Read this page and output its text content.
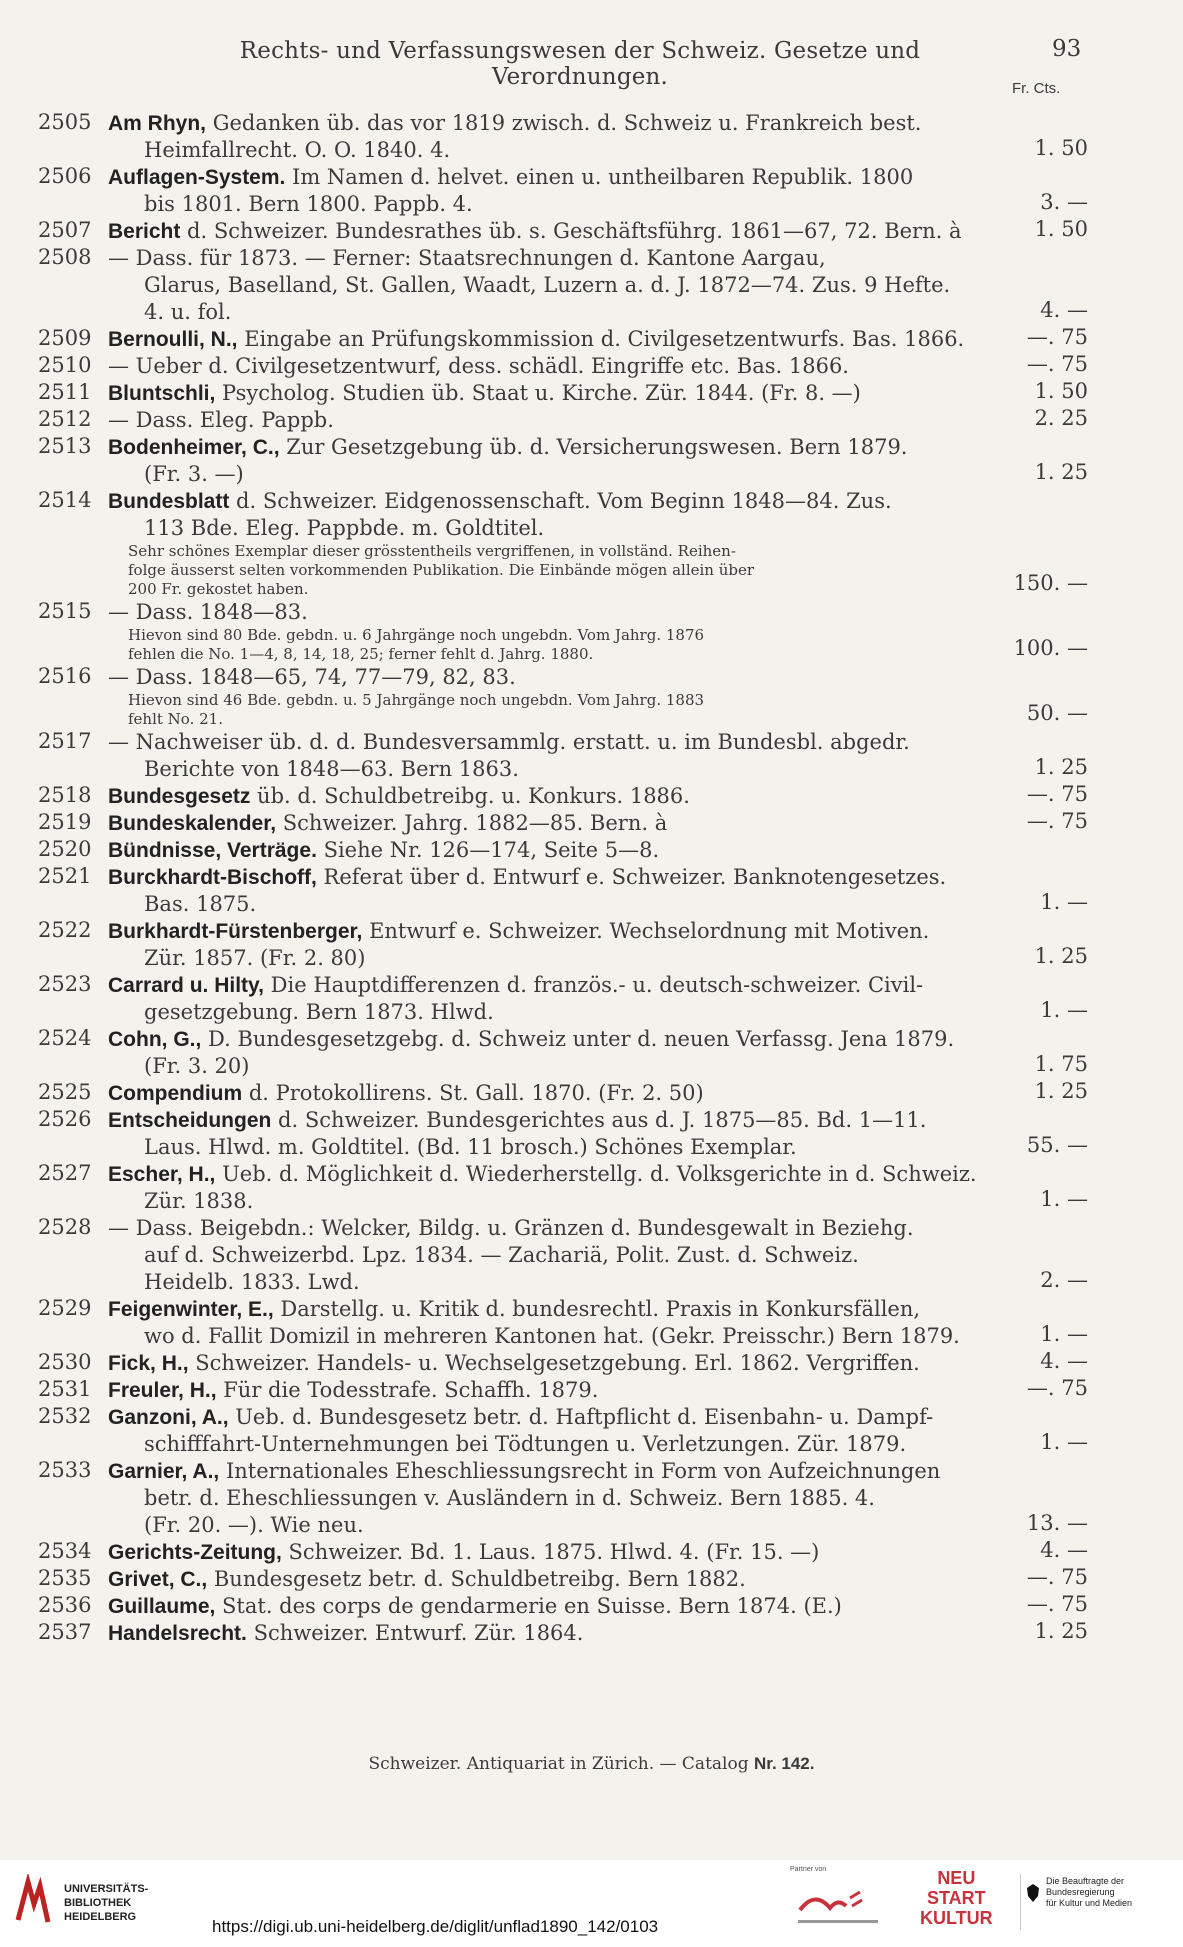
Rechts- und Verfassungswesen der Schweiz. Gesetze und Verordnungen.
93
Fr. Cts.
2505 Am Rhyn, Gedanken üb. das vor 1819 zwisch. d. Schweiz u. Frankreich best.
Heimfallrecht. O. O. 1840. 4.	1. 50
2506 Auflagen-System. Im Namen d. helvet. einen u. untheilbaren Republik. 1800
bis 1801. Bern 1800. Pappb. 4.	3. —
2507 Bericht d. Schweizer. Bundesrathes üb. s. Geschäftsführg. 1861—67, 72. Bern. à	1. 50
2508 — Dass. für 1873. — Ferner: Staatsrechnungen d. Kantone Aargau,
Glarus, Baselland, St. Gallen, Waadt, Luzern a. d. J. 1872—74. Zus. 9 Hefte.
4. u. fol.	4. —
2509 Bernoulli, N., Eingabe an Prüfungskommission d. Civilgesetzentwurfs. Bas. 1866.	—. 75
2510 — Ueber d. Civilgesetzentwurf, dess. schädl. Eingriffe etc. Bas. 1866.	—. 75
2511 Bluntschli, Psycholog. Studien üb. Staat u. Kirche. Zür. 1844. (Fr. 8. —)	1. 50
2512 — Dass. Eleg. Pappb.	2. 25
2513 Bodenheimer, C., Zur Gesetzgebung üb. d. Versicherungswesen. Bern 1879.
(Fr. 3. —)	1. 25
2514 Bundesblatt d. Schweizer. Eidgenossenschaft. Vom Beginn 1848—84. Zus.
113 Bde. Eleg. Pappbde. m. Goldtitel.
Sehr schönes Exemplar dieser grösstentheils vergriffenen, in vollständ. Reihen-
folge äusserst selten vorkommenden Publikation. Die Einbände mögen allein über
200 Fr. gekostet haben.	150. —
2515 — Dass. 1848—83.
Hievon sind 80 Bde. gebdn. u. 6 Jahrgänge noch ungebdn. Vom Jahrg. 1876
fehlen die No. 1—4, 8, 14, 18, 25; ferner fehlt d. Jahrg. 1880.	100. —
2516 — Dass. 1848—65, 74, 77—79, 82, 83.
Hievon sind 46 Bde. gebdn. u. 5 Jahrgänge noch ungebdn. Vom Jahrg. 1883
fehlt No. 21.	50. —
2517 — Nachweiser üb. d. d. Bundesversammlg. erstatt. u. im Bundesbl. abgedr.
Berichte von 1848—63. Bern 1863.	1. 25
2518 Bundesgesetz üb. d. Schuldbetreibg. u. Konkurs. 1886.	—. 75
2519 Bundeskalender, Schweizer. Jahrg. 1882—85. Bern. à	—. 75
2520 Bündnisse, Verträge. Siehe Nr. 126—174, Seite 5—8.
2521 Burckhardt-Bischoff, Referat über d. Entwurf e. Schweizer. Banknotengesetzes.
Bas. 1875.	1. —
2522 Burkhardt-Fürstenberger, Entwurf e. Schweizer. Wechselordnung mit Motiven.
Zür. 1857. (Fr. 2. 80)	1. 25
2523 Carrard u. Hilty, Die Hauptdifferenzen d. französ.- u. deutsch-schweizer. Civil-
gesetzgebung. Bern 1873. Hlwd.	1. —
2524 Cohn, G., D. Bundesgesetzgebg. d. Schweiz unter d. neuen Verfassg. Jena 1879.
(Fr. 3. 20)	1. 75
2525 Compendium d. Protokollirens. St. Gall. 1870. (Fr. 2. 50)	1. 25
2526 Entscheidungen d. Schweizer. Bundesgerichtes aus d. J. 1875—85. Bd. 1—11.
Laus. Hlwd. m. Goldtitel. (Bd. 11 brosch.) Schönes Exemplar.	55. —
2527 Escher, H., Ueb. d. Möglichkeit d. Wiederherstellg. d. Volksgerichte in d. Schweiz.
Zür. 1838.	1. —
2528 — Dass. Beigebdn.: Welcker, Bildg. u. Gränzen d. Bundesgewalt in Beziehg.
auf d. Schweizerbd. Lpz. 1834. — Zachariä, Polit. Zust. d. Schweiz.
Heidelb. 1833. Lwd.	2. —
2529 Feigenwinter, E., Darstellg. u. Kritik d. bundesrechtl. Praxis in Konkursfällen,
wo d. Fallit Domizil in mehreren Kantonen hat. (Gekr. Preisschr.) Bern 1879.	1. —
2530 Fick, H., Schweizer. Handels- u. Wechselgesetzgebung. Erl. 1862. Vergriffen.	4. —
2531 Freuler, H., Für die Todesstrafe. Schaffh. 1879.	—. 75
2532 Ganzoni, A., Ueb. d. Bundesgesetz betr. d. Haftpflicht d. Eisenbahn- u. Dampf-
schifffahrt-Unternehmungen bei Tödtungen u. Verletzungen. Zür. 1879.	1. —
2533 Garnier, A., Internationales Eheschliessungsrecht in Form von Aufzeichnungen
betr. d. Eheschliessungen v. Ausländern in d. Schweiz. Bern 1885. 4.
(Fr. 20. —). Wie neu.	13. —
2534 Gerichts-Zeitung, Schweizer. Bd. 1. Laus. 1875. Hlwd. 4. (Fr. 15. —)	4. —
2535 Grivet, C., Bundesgesetz betr. d. Schuldbetreibg. Bern 1882.	—. 75
2536 Guillaume, Stat. des corps de gendarmerie en Suisse. Bern 1874. (E.)	—. 75
2537 Handelsrecht. Schweizer. Entwurf. Zür. 1864.	1. 25
Schweizer. Antiquariat in Zürich. — Catalog Nr. 142.
UNIVERSITÄTS-
BIBLIOTHEK
HEIDELBERG
Partner von	NEU
START
KULTUR
Die Beauftragte der Bundesregierung
für Kultur und Medien
https://digi.ub.uni-heidelberg.de/diglit/unflad1890_142/0103
